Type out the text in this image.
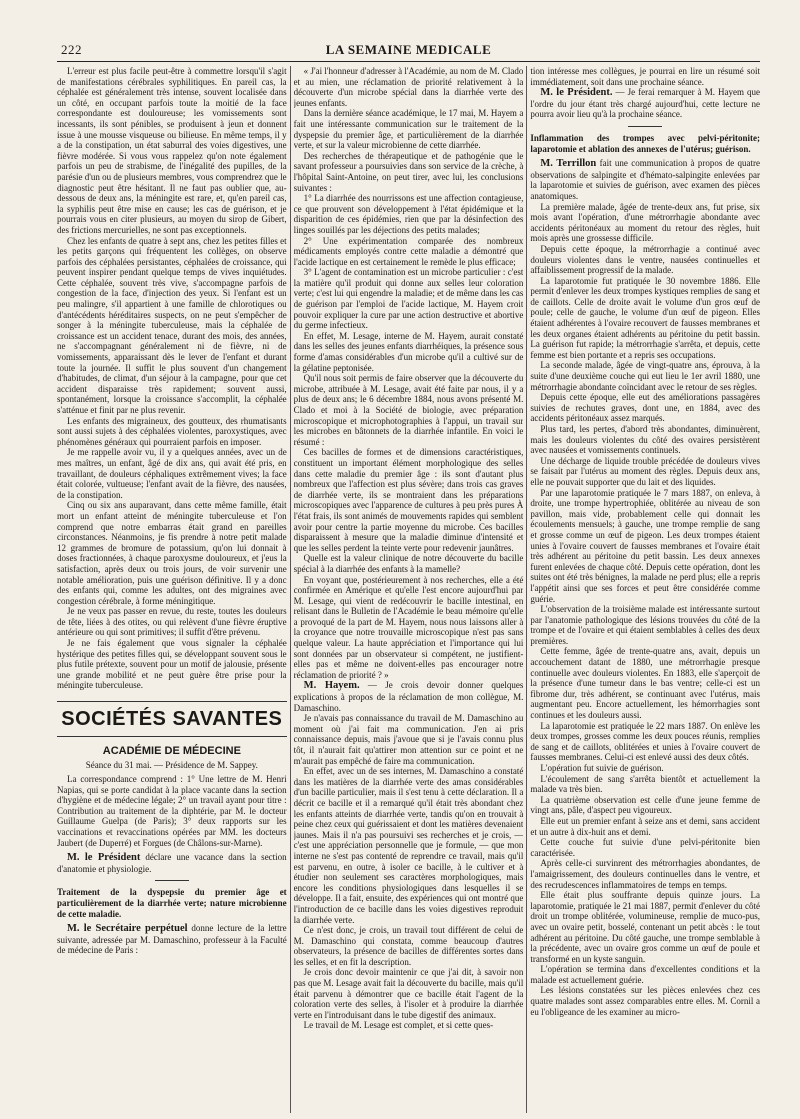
222	LA SEMAINE MEDICALE

L'erreur est plus facile peut-être à commettre lorsqu'il s'agit de manifestations cérébrales syphilitiques. En pareil cas, la céphalée est généralement très intense, souvent localisée dans un côté, en occupant parfois toute la moitié de la face correspondante est douloureuse; les vomissements sont incessants, ils sont pénibles, se produisent à jeun et donnent issue à une mousse visqueuse ou bilieuse. En même temps, il y a de la constipation, un état saburral des voies digestives, une fièvre modérée. Si vous vous rappelez qu'on note également parfois un peu de strabisme, de l'inégalité des pupilles, de la parésie d'un ou de plusieurs membres, vous comprendrez que le diagnostic peut être hésitant. Il ne faut pas oublier que, au-dessous de deux ans, la méningite est rare, et, qu'en pareil cas, la syphilis peut être mise en cause; les cas de guérison, et je pourrais vous en citer plusieurs, au moyen du sirop de Gibert, des frictions mercurielles, ne sont pas exceptionnels.

Chez les enfants de quatre à sept ans, chez les petites filles et les petits garçons qui fréquentent les collèges, on observe parfois des céphalées persistantes, céphalées de croissance, qui peuvent inspirer pendant quelque temps de vives inquiétudes. Cette céphalée, souvent très vive, s'accompagne parfois de congestion de la face, d'injection des yeux. Si l'enfant est un peu malingre, s'il appartient à une famille de chlorotiques ou d'antécédents héréditaires suspects, on ne peut s'empêcher de songer à la méningite tuberculeuse, mais la céphalée de croissance est un accident tenace, durant des mois, des années, ne s'accompagnant généralement ni de fièvre, ni de vomissements, apparaissant dès le lever de l'enfant et durant toute la journée. Il suffit le plus souvent d'un changement d'habitudes, de climat, d'un séjour à la campagne, pour que cet accident disparaisse très rapidement; souvent aussi, spontanément, lorsque la croissance s'accomplit, la céphalée s'atténue et finit par ne plus revenir.

Les enfants des migraineux, des goutteux, des rhumatisants sont aussi sujets à des céphalées violentes, paroxystiques, avec phénomènes généraux qui pourraient parfois en imposer.

Je me rappelle avoir vu, il y a quelques années, avec un de mes maîtres, un enfant, âgé de dix ans, qui avait été pris, en travaillant, de douleurs céphaliques extrêmement vives; la face était colorée, vultueuse; l'enfant avait de la fièvre, des nausées, de la constipation.

Cinq ou six ans auparavant, dans cette même famille, était mort un enfant atteint de méningite tuberculeuse et l'on comprend que notre embarras était grand en pareilles circonstances. Néanmoins, je fis prendre à notre petit malade 12 grammes de bromure de potassium, qu'on lui donnait à doses fractionnées, à chaque paroxysme douloureux, et j'eus la satisfaction, après deux ou trois jours, de voir survenir une notable amélioration, puis une guérison définitive. Il y a donc des enfants qui, comme les adultes, ont des migraines avec congestion cérébrale, à forme méningitique.

Je ne veux pas passer en revue, du reste, toutes les douleurs de tête, liées à des otites, ou qui relèvent d'une fièvre éruptive antérieure ou qui sont primitives; il suffit d'être prévenu.

Je ne fais également que vous signaler la céphalée hystérique des petites filles qui, se développant souvent sous le plus futile prétexte, souvent pour un motif de jalousie, présente une grande mobilité et ne peut guère être prise pour la méningite tuberculeuse.

SOCIÉTÉS SAVANTES
ACADÉMIE DE MÉDECINE
Séance du 31 mai. — Présidence de M. Sappey.

La correspondance comprend : 1° Une lettre de M. Henri Napias, qui se porte candidat à la place vacante dans la section d'hygiène et de médecine légale; 2° un travail ayant pour titre : Contribution au traitement de la diphtérie, par M. le docteur Guillaume Guelpa (de Paris); 3° deux rapports sur les vaccinations et revaccinations opérées par MM. les docteurs Jaubert (de Duperré) et Forgues (de Châlons-sur-Marne).

M. le Président déclare une vacance dans la section d'anatomie et physiologie.

Traitement de la dyspepsie du premier âge et particulièrement de la diarrhée verte; nature microbienne de cette maladie.

M. le Secrétaire perpétuel donne lecture de la lettre suivante, adressée par M. Damaschino, professeur à la Faculté de médecine de Paris :

« J'ai l'honneur d'adresser à l'Académie, au nom de M. Clado et au mien, une réclamation de priorité relativement à la découverte d'un microbe spécial dans la diarrhée verte des jeunes enfants.

Dans la dernière séance académique, le 17 mai, M. Hayem a fait une intéressante communication sur le traitement de la dyspepsie du premier âge, et particulièrement de la diarrhée verte, et sur la valeur microbienne de cette diarrhée.

Des recherches de thérapeutique et de pathogénie que le savant professeur a poursuivies dans son service de la crèche, à l'hôpital Saint-Antoine, on peut tirer, avec lui, les conclusions suivantes :

1° La diarrhée des nourrissons est une affection contagieuse, ce que prouvent son développement à l'état épidémique et la disparition de ces épidémies, rien que par la désinfection des linges souillés par les déjections des petits malades;

2° Une expérimentation comparée des nombreux médicaments employés contre cette maladie a démontré que l'acide lactique en est certainement le remède le plus efficace;

3° L'agent de contamination est un microbe particulier : c'est la matière qu'il produit qui donne aux selles leur coloration verte; c'est lui qui engendre la maladie; et de même dans les cas de guérison par l'emploi de l'acide lactique, M. Hayem croit pouvoir expliquer la cure par une action destructive et abortive du germe infectieux.

En effet, M. Lesage, interne de M. Hayem, aurait constaté dans les selles des jeunes enfants diarrhéiques, la présence sous forme d'amas considérables d'un microbe qu'il a cultivé sur de la gélatine peptonisée.

Qu'il nous soit permis de faire observer que la découverte du microbe, attribuée à M. Lesage, avait été faite par nous, il y a plus de deux ans; le 6 décembre 1884, nous avons présenté M. Clado et moi à la Société de biologie, avec préparation microscopique et microphotographies à l'appui, un travail sur les microbes en bâtonnets de la diarrhée infantile. En voici le résumé :

Ces bacilles de formes et de dimensions caractéristiques, constituent un important élément morphologique des selles dans cette maladie du premier âge : ils sont d'autant plus nombreux que l'affection est plus sévère; dans trois cas graves de diarrhée verte, ils se montraient dans les préparations microscopiques avec l'apparence de cultures à peu près pures À l'état frais, ils sont animés de mouvements rapides qui semblent avoir pour centre la partie moyenne du microbe. Ces bacilles disparaissent à mesure que la maladie diminue d'intensité et que les selles perdent la teinte verte pour redevenir jaunâtres.

Quelle est la valeur clinique de notre découverte du bacille spécial à la diarrhée des enfants à la mamelle?

En voyant que, postérieurement à nos recherches, elle a été confirmée en Amérique et qu'elle l'est encore aujourd'hui par M. Lesage, qui vient de redécouvrir le bacille intestinal, en relisant dans le Bulletin de l'Académie le beau mémoire qu'elle a provoqué de la part de M. Hayem, nous nous laissons aller à la croyance que notre trouvaille microscopique n'est pas sans quelque valeur. La haute appréciation et l'importance qui lui sont données par un observateur si compétent, ne justifient-elles pas et même ne doivent-elles pas encourager notre réclamation de priorité ? »

M. Hayem. — Je crois devoir donner quelques explications à propos de la réclamation de mon collègue, M. Damaschino.

Je n'avais pas connaissance du travail de M. Damaschino au moment où j'ai fait ma communication. J'en ai pris connaissance depuis, mais j'avoue que si je l'avais connu plus tôt, il n'aurait fait qu'attirer mon attention sur ce point et ne m'aurait pas empêché de faire ma communication.

En effet, avec un de ses internes, M. Damaschino a constaté dans les matières de la diarrhée verte des amas considérables d'un bacille particulier, mais il s'est tenu à cette déclaration. Il a décrit ce bacille et il a remarqué qu'il était très abondant chez les enfants atteints de diarrhée verte, tandis qu'on en trouvait à peine chez ceux qui guérissaient et dont les matières devenaient jaunes. Mais il n'a pas poursuivi ses recherches et je crois, — c'est une appréciation personnelle que je formule, — que mon interne ne s'est pas contenté de reprendre ce travail, mais qu'il est parvenu, en outre, à isoler ce bacille, à le cultiver et à étudier non seulement ses caractères morphologiques, mais encore les conditions physiologiques dans lesquelles il se développe. Il a fait, ensuite, des expériences qui ont montré que l'introduction de ce bacille dans les voies digestives reproduit la diarrhée verte.

Ce n'est donc, je crois, un travail tout différent de celui de M. Damaschino qui constata, comme beaucoup d'autres observateurs, la présence de bacilles de différentes sortes dans les selles, et en fit la description.

Je crois donc devoir maintenir ce que j'ai dit, à savoir non pas que M. Lesage avait fait la découverte du bacille, mais qu'il était parvenu à démontrer que ce bacille était l'agent de la coloration verte des selles, à l'isoler et à produire la diarrhée verte en l'introduisant dans le tube digestif des animaux.

Le travail de M. Lesage est complet, et si cette ques-

tion intéresse mes collègues, je pourrai en lire un résumé soit immédiatement, soit dans une prochaine séance.

M. le Président. — Je ferai remarquer à M. Hayem que l'ordre du jour étant très chargé aujourd'hui, cette lecture ne pourra avoir lieu qu'à la prochaine séance.

Inflammation des trompes avec pelvi-péritonite; laparotomie et ablation des annexes de l'utérus; guérison.

M. Terrillon fait une communication à propos de quatre observations de salpingite et d'hémato-salpingite enlevées par la laparotomie et suivies de guérison, avec examen des pièces anatomiques.

La première malade, âgée de trente-deux ans, fut prise, six mois avant l'opération, d'une métrorrhagie abondante avec accidents péritonéaux au moment du retour des règles, huit mois après une grossesse difficile.

Depuis cette époque, la métrorrhagie a continué avec douleurs violentes dans le ventre, nausées continuelles et affaiblissement progressif de la malade.

La laparotomie fut pratiquée le 30 novembre 1886. Elle permit d'enlever les deux trompes kystiques remplies de sang et de caillots. Celle de droite avait le volume d'un gros œuf de poule; celle de gauche, le volume d'un œuf de pigeon. Elles étaient adhérentes à l'ovaire recouvert de fausses membranes et les deux organes étaient adhérents au péritoine du petit bassin. La guérison fut rapide; la métrorrhagie s'arrêta, et depuis, cette femme est bien portante et a repris ses occupations.

La seconde malade, âgée de vingt-quatre ans, éprouva, à la suite d'une deuxième couche qui eut lieu le 1er avril 1880, une métrorrhagie abondante coïncidant avec le retour de ses règles.

Depuis cette époque, elle eut des améliorations passagères suivies de rechutes graves, dont une, en 1884, avec des accidents péritonéaux assez marqués.

Plus tard, les pertes, d'abord très abondantes, diminuèrent, mais les douleurs violentes du côté des ovaires persistèrent avec nausées et vomissements continuels.

Une décharge de liquide trouble précédée de douleurs vives se faisait par l'utérus au moment des règles. Depuis deux ans, elle ne pouvait supporter que du lait et des liquides.

Par une laparotomie pratiquée le 7 mars 1887, on enleva, à droite, une trompe hypertrophiée, oblitérée au niveau de son pavillon, mais vide, probablement celle qui donnait les écoulements mensuels; à gauche, une trompe remplie de sang et grosse comme un œuf de pigeon. Les deux trompes étaient unies à l'ovaire couvert de fausses membranes et l'ovaire était très adhérent au péritoine du petit bassin. Les deux annexes furent enlevées de chaque côté. Depuis cette opération, dont les suites ont été très bénignes, la malade ne perd plus; elle a repris l'appétit ainsi que ses forces et peut être considérée comme guérie.

L'observation de la troisième malade est intéressante surtout par l'anatomie pathologique des lésions trouvées du côté de la trompe et de l'ovaire et qui étaient semblables à celles des deux premières.

Cette femme, âgée de trente-quatre ans, avait, depuis un accouchement datant de 1880, une métrorrhagie presque continuelle avec douleurs violentes. En 1883, elle s'aperçoit de la présence d'une tumeur dans le bas ventre; celle-ci est un fibrome dur, très adhérent, se continuant avec l'utérus, mais augmentant peu. Encore actuellement, les hémorrhagies sont continues et les douleurs aussi.

La laparotomie est pratiquée le 22 mars 1887. On enlève les deux trompes, grosses comme les deux pouces réunis, remplies de sang et de caillots, oblitérées et unies à l'ovaire couvert de fausses membranes. Celui-ci est enlevé aussi des deux côtés.

L'opération fut suivie de guérison.

L'écoulement de sang s'arrêta bientôt et actuellement la malade va très bien.

La quatrième observation est celle d'une jeune femme de vingt ans, pâle, d'aspect peu vigoureux.

Elle eut un premier enfant à seize ans et demi, sans accident et un autre à dix-huit ans et demi.

Cette couche fut suivie d'une pelvi-péritonite bien caractérisée.

Après celle-ci survinrent des métrorrhagies abondantes, de l'amaigrissement, des douleurs continuelles dans le ventre, et des recrudescences inflammatoires de temps en temps.

Elle était plus souffrante depuis quinze jours. La laparotomie, pratiquée le 21 mai 1887, permit d'enlever du côté droit un trompe oblitérée, volumineuse, remplie de muco-pus, avec un ovaire petit, bosselé, contenant un petit abcès : le tout adhérent au péritoine. Du côté gauche, une trompe semblable à la précédente, avec un ovaire gros comme un œuf de poule et transformé en un kyste sanguin.

L'opération se termina dans d'excellentes conditions et la malade est actuellement guérie.

Les lésions constatées sur les pièces enlevées chez ces quatre malades sont assez comparables entre elles. M. Cornil a eu l'obligeance de les examiner au micro-
